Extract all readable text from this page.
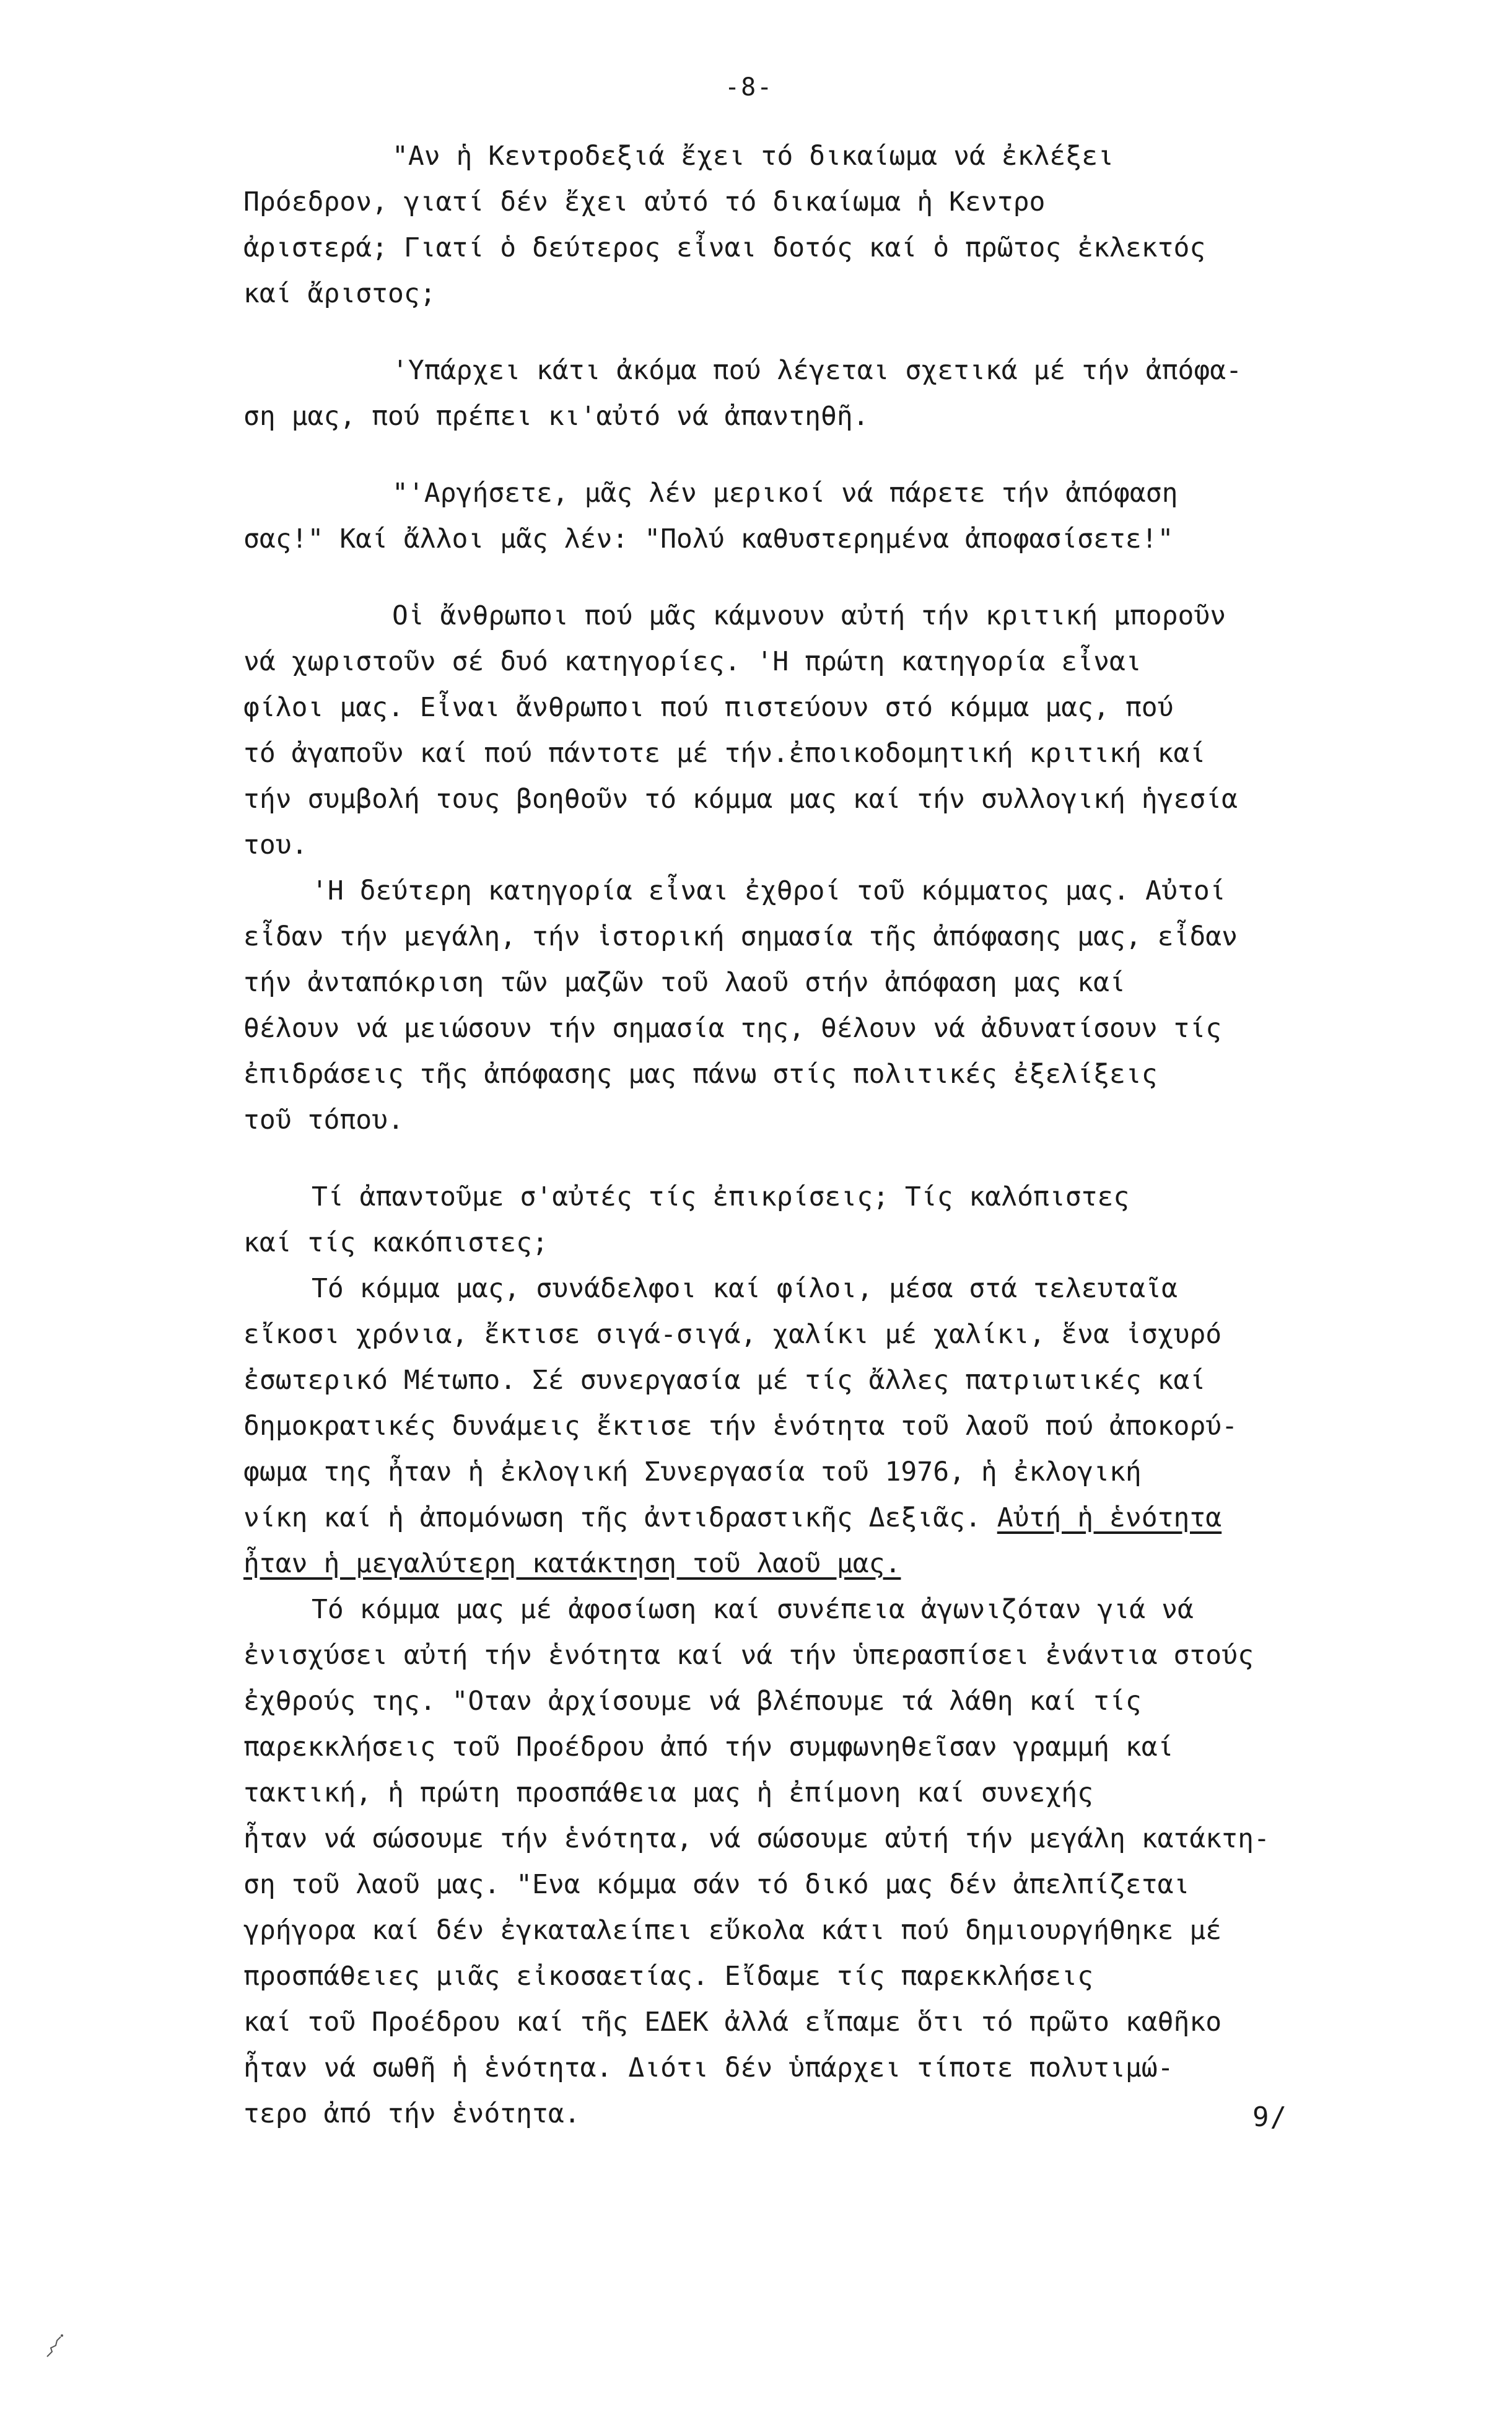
-8-
"Αν ἡ Κεντροδεξιά ἔχει τό δικαίωμα νά ἐκλέξει
Πρόεδρον, γιατί δέν ἔχει αὐτό τό δικαίωμα ἡ Κεντρο
ἀριστερά; Γιατί ὁ δεύτερος εἶναι δοτός καί ὁ πρῶτος ἐκλεκτός
καί ἄριστος;
'Υπάρχει κάτι ἀκόμα πού λέγεται σχετικά μέ τήν ἀπόφα-
ση μας, πού πρέπει κι'αὐτό νά ἀπαντηθῆ.
"'Αργήσετε, μᾶς λέν μερικοί νά πάρετε τήν ἀπόφαση
σας!" Καί ἄλλοι μᾶς λέν: "Πολύ καθυστερημένα ἀποφασίσετε!"
Οἱ ἄνθρωποι πού μᾶς κάμνουν αὐτή τήν κριτική μποροῦν
νά χωριστοῦν σέ δυό κατηγορίες. 'Η πρώτη κατηγορία εἶναι
φίλοι μας. Εἶναι ἄνθρωποι πού πιστεύουν στό κόμμα μας, πού
τό ἀγαποῦν καί πού πάντοτε μέ τήν.ἐποικοδομητική κριτική καί
τήν συμβολή τους βοηθοῦν τό κόμμα μας καί τήν συλλογική ἡγεσία
του.
'Η δεύτερη κατηγορία εἶναι ἐχθροί τοῦ κόμματος μας. Αὐτοί
εἶδαν τήν μεγάλη, τήν ἱστορική σημασία τῆς ἀπόφασης μας, εἶδαν
τήν ἀνταπόκριση τῶν μαζῶν τοῦ λαοῦ στήν ἀπόφαση μας καί
θέλουν νά μειώσουν τήν σημασία της, θέλουν νά ἀδυνατίσουν τίς
ἐπιδράσεις τῆς ἀπόφασης μας πάνω στίς πολιτικές ἐξελίξεις
τοῦ τόπου.
Τί ἀπαντοῦμε σ'αὐτές τίς ἐπικρίσεις; Τίς καλόπιστες
καί τίς κακόπιστες;
Τό κόμμα μας, συνάδελφοι καί φίλοι, μέσα στά τελευταῖα
εἴκοσι χρόνια, ἔκτισε σιγά-σιγά, χαλίκι μέ χαλίκι, ἕνα ἰσχυρό
ἐσωτερικό Μέτωπο. Σέ συνεργασία μέ τίς ἄλλες πατριωτικές καί
δημοκρατικές δυνάμεις ἔκτισε τήν ἑνότητα τοῦ λαοῦ πού ἀποκορύ-
φωμα της ἦταν ἡ ἐκλογική Συνεργασία τοῦ 1976, ἡ ἐκλογική
νίκη καί ἡ ἀπομόνωση τῆς ἀντιδραστικῆς Δεξιᾶς. Αὐτή ἡ ἑνότητα
ἦταν ἡ μεγαλύτερη κατάκτηση τοῦ λαοῦ μας.
Τό κόμμα μας μέ ἀφοσίωση καί συνέπεια ἀγωνιζόταν γιά νά
ἐνισχύσει αὐτή τήν ἑνότητα καί νά τήν ὑπερασπίσει ἐνάντια στούς
ἐχθρούς της. "Οταν ἀρχίσουμε νά βλέπουμε τά λάθη καί τίς
παρεκκλήσεις τοῦ Προέδρου ἀπό τήν συμφωνηθεῖσαν γραμμή καί
τακτική, ἡ πρώτη προσπάθεια μας ἡ ἐπίμονη καί συνεχής
ἦταν νά σώσουμε τήν ἑνότητα, νά σώσουμε αὐτή τήν μεγάλη κατάκτη-
ση τοῦ λαοῦ μας. "Ενα κόμμα σάν τό δικό μας δέν ἀπελπίζεται
γρήγορα καί δέν ἐγκαταλείπει εὔκολα κάτι πού δημιουργήθηκε μέ
προσπάθειες μιᾶς εἰκοσαετίας. Εἴδαμε τίς παρεκκλήσεις
καί τοῦ Προέδρου καί τῆς ΕΔΕΚ ἀλλά εἴπαμε ὅτι τό πρῶτο καθῆκο
ἦταν νά σωθῆ ἡ ἑνότητα. Διότι δέν ὑπάρχει τίποτε πολυτιμώ-
τερο ἀπό τήν ἑνότητα.	9/
